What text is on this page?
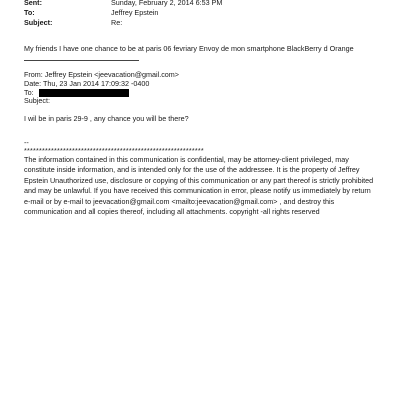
Sent:	Sunday, February 2, 2014 6:53 PM
To:	Jeffrey Epstein
Subject:	Re:
My friends I have one chance to be at paris 06 fevriary Envoy de mon smartphone BlackBerry d Orange
From: Jeffrey Epstein <jeevacation@gmail.com>
Date: Thu, 23 Jan 2014 17:09:32 -0400
To:
Subject:
I wil be in paris 29-9 , any chance you will be there?
--
************************************************************
The information contained in this communication is confidential, may be attorney-client privileged, may constitute inside information, and is intended only for the use of the addressee. It is the property of Jeffrey Epstein Unauthorized use, disclosure or copying of this communication or any part thereof is strictly prohibited and may be unlawful. If you have received this communication in error, please notify us immediately by return e-mail or by e-mail to jeevacation@gmail.com <mailto:jeevacation@gmail.com> , and destroy this communication and all copies thereof, including all attachments. copyright -all rights reserved
